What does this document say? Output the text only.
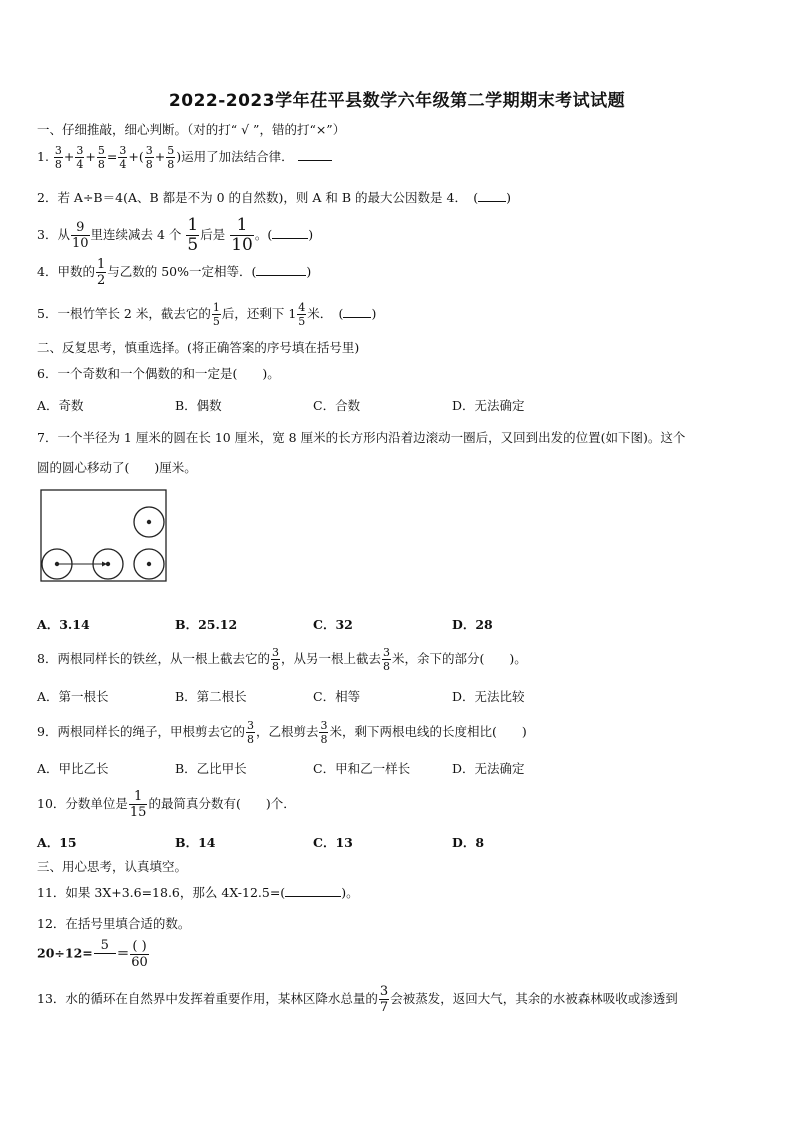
2022-2023学年茌平县数学六年级第二学期期末考试试题
一、仔细推敲，细心判断。（对的打“ √ ”，错的打“×”）
1. $\frac{3}{8} + \frac{3}{4} + \frac{5}{8} = \frac{3}{4}$ +( $\frac{3}{8} + \frac{5}{8}$ )运用了加法结合律．
2．若 A÷B＝4(A、B 都是不为 0 的自然数)，则 A 和 B 的最大公因数是 4．　( )
3．从 $\frac{9}{10}$ 里连续减去 4 个 $\frac{1}{5}$ 后是 $\frac{1}{10}$ 。(	)
4．甲数的 $\frac{1}{2}$ 与乙数的 50%一定相等．(	)
5．一根竹竿长 2 米，截去它的 $\frac{1}{5}$ 后，还剩下 $1 \frac{4}{5}$ 米．　( )
二、反复思考，慎重选择。(将正确答案的序号填在括号里)
6．一个奇数和一个偶数的和一定是(　　)。
A．奇数	B．偶数	C．合数	D．无法确定
7．一个半径为 1 厘米的圆在长 10 厘米，宽 8 厘米的长方形内沿着边滚动一圈后，又回到出发的位置(如下图)。这个
圆的圆心移动了(　　)厘米。
A．3.14	B．25.12	C．32	D．28
8．两根同样长的铁丝，从一根上截去它的 $\frac{3}{8}$ ，从另一根上截去 $\frac{3}{8}$ 米，余下的部分(　　)。
A．第一根长	B．第二根长	C．相等	D．无法比较
9．两根同样长的绳子，甲根剪去它的 $\frac{3}{8}$ ，乙根剪去 $\frac{3}{8}$ 米，剩下两根电线的长度相比(　　)
A．甲比乙长	B．乙比甲长	C．甲和乙一样长	D．无法确定
10．分数单位是 $\frac{1}{15}$ 的最简真分数有(　　)个．
A．15	B．14	C．13	D．8
三、用心思考，认真填空。
11．如果 3X+3.6=18.6，那么 4X-12.5=(	)。
12．在括号里填合适的数。
$20\div 12= 5 = \frac{( )}{60}$
13．水的循环在自然界中发挥着重要作用，某林区降水总量的 $\frac{3}{7}$ 会被蒸发，返回大气，其余的水被森林吸收或渗透到
